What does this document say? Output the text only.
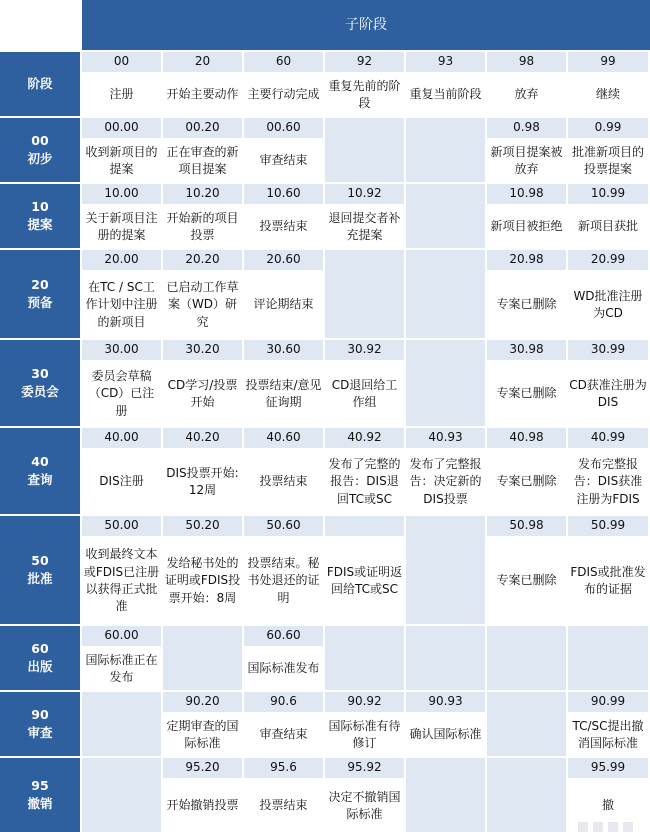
子阶段
阶段
00
注册
20
开始主要动作
60
主要行动完成
92
重复先前的阶段
93
重复当前阶段
98
放弃
99
继续
00
初步
00.00
收到新项目的提案
00.20
正在审查的新项目提案
00.60
审查结束
0.98
新项目提案被放弃
0.99
批准新项目的投票提案
10
提案
10.00
关于新项目注册的提案
10.20
开始新的项目投票
10.60
投票结束
10.92
退回提交者补充提案
10.98
新项目被拒绝
10.99
新项目获批
20
预备
20.00
在TC / SC工作计划中注册的新项目
20.20
已启动工作草案（WD）研究
20.60
评论期结束
20.98
专案已删除
20.99
WD批准注册为CD
30
委员会
30.00
委员会草稿（CD）已注册
30.20
CD学习/投票开始
30.60
投票结束/意见征询期
30.92
CD退回给工作组
30.98
专案已删除
30.99
CD获准注册为DIS
40
查询
40.00
DIS注册
40.20
DIS投票开始: 12周
40.60
投票结束
40.92
发布了完整的报告：DIS退回TC或SC
40.93
发布了完整报告：决定新的DIS投票
40.98
专案已删除
40.99
发布完整报告：DIS获准注册为FDIS
50
批准
50.00
收到最终文本或FDIS已注册以获得正式批准
50.20
发给秘书处的证明或FDIS投票开始：8周
50.60
投票结束。秘书处退还的证明
FDIS或证明返回给TC或SC
50.98
专案已删除
50.99
FDIS或批准发布的证据
60
出版
60.00
国际标准正在发布
60.60
国际标准发布
90
审查
90.20
定期审查的国际标准
90.6
审查结束
90.92
国际标准有待修订
90.93
确认国际标准
90.99
TC/SC提出撤消国际标准
95
撤销
95.20
开始撤销投票
95.6
投票结束
95.92
决定不撤销国际标准
95.99
撤
